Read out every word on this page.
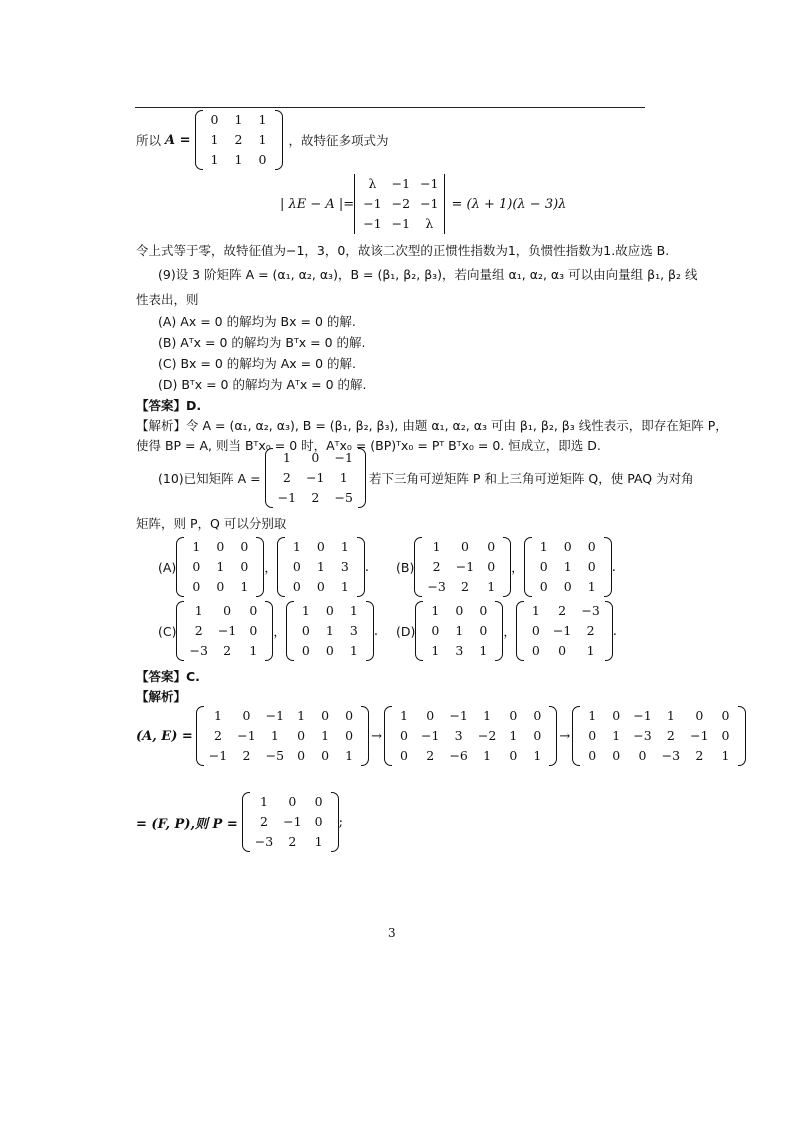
所以 A =
0	1	1
1	2	1
1	1	0
，故特征多项式为
| λE − A |=
λ	−1	−1
−1	−2	−1
−1	−1	λ
= (λ + 1)(λ − 3)λ
令上式等于零，故特征值为−1，3，0，故该二次型的正惯性指数为1，负惯性指数为1.故应选 B.
(9)设 3 阶矩阵 A = (α₁, α₂, α₃)，B = (β₁, β₂, β₃)，若向量组 α₁, α₂, α₃ 可以由向量组 β₁, β₂ 线
性表出，则
(A) Ax = 0 的解均为 Bx = 0 的解.
(B) Aᵀx = 0 的解均为 Bᵀx = 0 的解.
(C) Bx = 0 的解均为 Ax = 0 的解.
(D) Bᵀx = 0 的解均为 Aᵀx = 0 的解.
【答案】D.
【解析】令 A = (α₁, α₂, α₃), B = (β₁, β₂, β₃), 由题 α₁, α₂, α₃ 可由 β₁, β₂, β₃ 线性表示，即存在矩阵 P，
使得 BP = A, 则当 Bᵀx₀ = 0 时，Aᵀx₀ = (BP)ᵀx₀ = Pᵀ Bᵀx₀ = 0. 恒成立，即选 D.
(10)已知矩阵 A =
1	0	−1
2	−1	1
−1	2	−5
若下三角可逆矩阵 P 和上三角可逆矩阵 Q，使 PAQ 为对角
矩阵，则 P，Q 可以分别取
(A)
1	0	0
0	1	0
0	0	1
，
1	0	1
0	1	3
0	0	1
. (B)
1	0	0
2	−1	0
−3	2	1
，
1	0	0
0	1	0
0	0	1
.
(C)
1	0	0
2	−1	0
−3	2	1
，
1	0	1
0	1	3
0	0	1
. (D)
1	0	0
0	1	0
1	3	1
，
1	2	−3
0	−1	2
0	0	1
.
【答案】C.
【解析】
(A, E) =
1	0	−1	1	0	0
2	−1	1	0	1	0
−1	2	−5	0	0	1
→
1	0	−1	1	0	0
0	−1	3	−2	1	0
0	2	−6	1	0	1
→
1	0	−1	1	0	0
0	1	−3	2	−1	0
0	0	0	−3	2	1
= (F, P),则 P =
1	0	0
2	−1	0
−3	2	1
;
3
